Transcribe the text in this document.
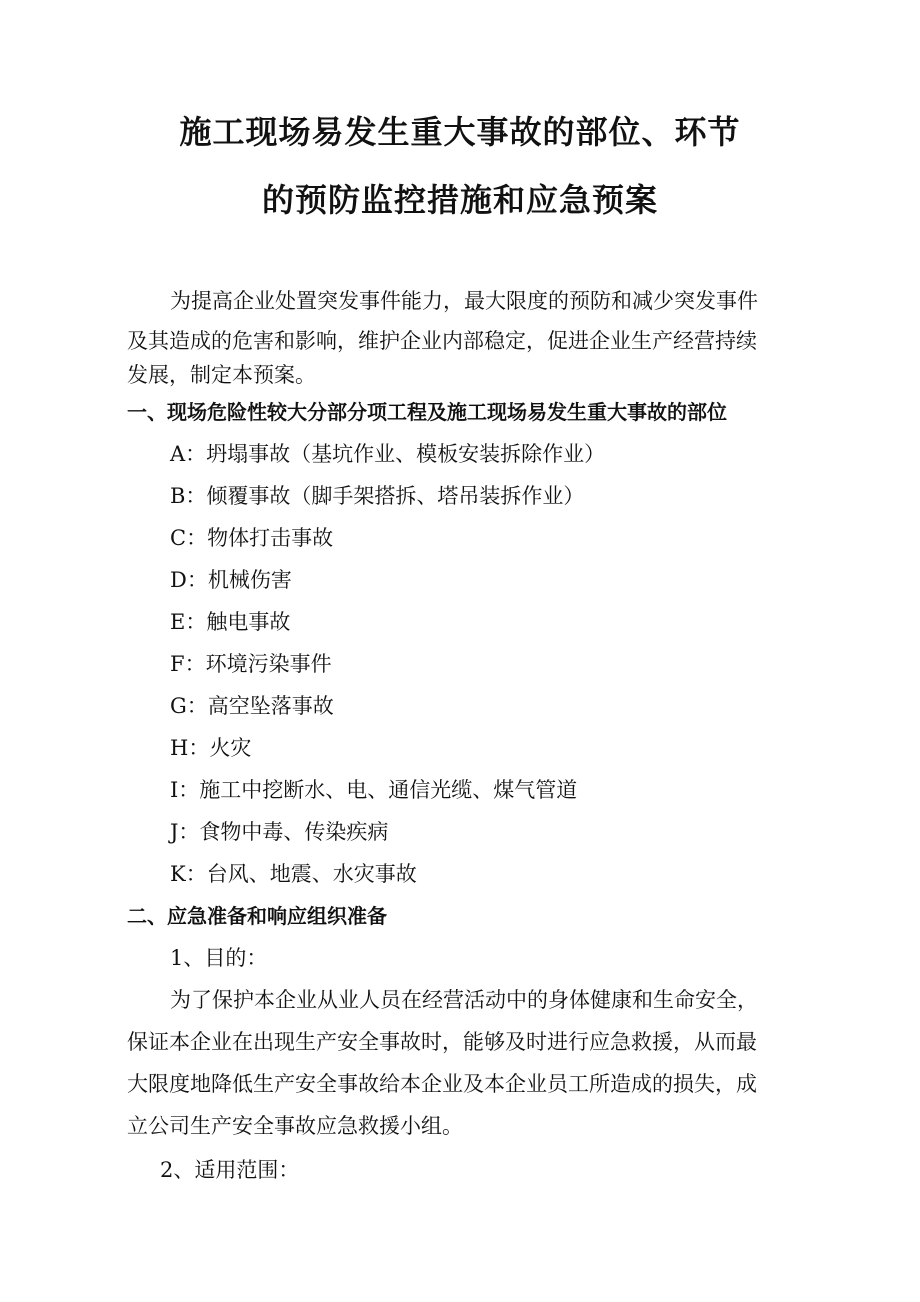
施工现场易发生重大事故的部位、环节
的预防监控措施和应急预案

为提高企业处置突发事件能力，最大限度的预防和减少突发事件

及其造成的危害和影响，维护企业内部稳定，促进企业生产经营持续

发展，制定本预案。

一、现场危险性较大分部分项工程及施工现场易发生重大事故的部位

A：坍塌事故（基坑作业、模板安装拆除作业）

B：倾覆事故（脚手架搭拆、塔吊装拆作业）

C：物体打击事故

D：机械伤害

E：触电事故

F：环境污染事件

G：高空坠落事故

H：火灾

I：施工中挖断水、电、通信光缆、煤气管道

J：食物中毒、传染疾病

K：台风、地震、水灾事故

二、应急准备和响应组织准备

1、目的：

为了保护本企业从业人员在经营活动中的身体健康和生命安全，

保证本企业在出现生产安全事故时，能够及时进行应急救援，从而最

大限度地降低生产安全事故给本企业及本企业员工所造成的损失，成

立公司生产安全事故应急救援小组。

2、适用范围：
